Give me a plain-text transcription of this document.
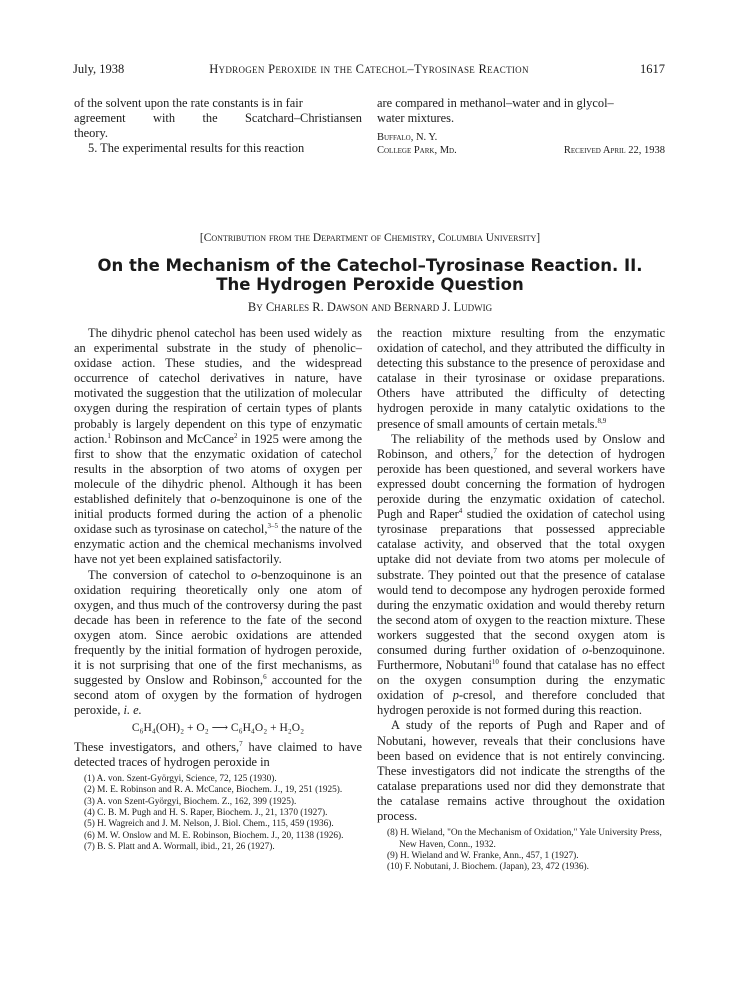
July, 1938	Hydrogen Peroxide in the Catechol–Tyrosinase Reaction	1617

of the solvent upon the rate constants is in fair

agreement with the Scatchard–Christiansen

theory.

5. The experimental results for this reaction

are compared in methanol–water and in glycol–

water mixtures.

Buffalo, N. Y.
College Park, Md.	Received April 22, 1938
[Contribution from the Department of Chemistry, Columbia University]
On the Mechanism of the Catechol–Tyrosinase Reaction. II.
The Hydrogen Peroxide Question
By Charles R. Dawson and Bernard J. Ludwig

The dihydric phenol catechol has been used widely as an experimental substrate in the study of phenolic–oxidase action. These studies, and the widespread occurrence of catechol derivatives in nature, have motivated the suggestion that the utilization of molecular oxygen during the respiration of certain types of plants probably is largely dependent on this type of enzymatic action.$^1$ Robinson and McCance$^2$ in 1925 were among the first to show that the enzymatic oxidation of catechol results in the absorption of two atoms of oxygen per molecule of the dihydric phenol. Although it has been established definitely that o-benzoquinone is one of the initial products formed during the action of a phenolic oxidase such as tyrosinase on catechol,$^{3-5}$ the nature of the enzymatic action and the chemical mechanisms involved have not yet been explained satisfactorily.

The conversion of catechol to o-benzoquinone is an oxidation requiring theoretically only one atom of oxygen, and thus much of the controversy during the past decade has been in reference to the fate of the second oxygen atom. Since aerobic oxidations are attended frequently by the initial formation of hydrogen peroxide, it is not surprising that one of the first mechanisms, as suggested by Onslow and Robinson,$^6$ accounted for the second atom of oxygen by the formation of hydrogen peroxide, i. e.

C₆H₄(OH)₂ + O₂ ⟶ C₆H₄O₂ + H₂O₂

These investigators, and others,$^7$ have claimed to have detected traces of hydrogen peroxide in

(1) A. von. Szent-Györgyi, Science, 72, 125 (1930).

(2) M. E. Robinson and R. A. McCance, Biochem. J., 19, 251 (1925).

(3) A. von Szent-Györgyi, Biochem. Z., 162, 399 (1925).

(4) C. B. M. Pugh and H. S. Raper, Biochem. J., 21, 1370 (1927).

(5) H. Wagreich and J. M. Nelson, J. Biol. Chem., 115, 459 (1936).

(6) M. W. Onslow and M. E. Robinson, Biochem. J., 20, 1138 (1926).

(7) B. S. Platt and A. Wormall, ibid., 21, 26 (1927).

the reaction mixture resulting from the enzymatic oxidation of catechol, and they attributed the difficulty in detecting this substance to the presence of peroxidase and catalase in their tyrosinase or oxidase preparations. Others have attributed the difficulty of detecting hydrogen peroxide in many catalytic oxidations to the presence of small amounts of certain metals.$^{8,9}$

The reliability of the methods used by Onslow and Robinson, and others,$^7$ for the detection of hydrogen peroxide has been questioned, and several workers have expressed doubt concerning the formation of hydrogen peroxide during the enzymatic oxidation of catechol. Pugh and Raper$^4$ studied the oxidation of catechol using tyrosinase preparations that possessed appreciable catalase activity, and observed that the total oxygen uptake did not deviate from two atoms per molecule of substrate. They pointed out that the presence of catalase would tend to decompose any hydrogen peroxide formed during the enzymatic oxidation and would thereby return the second atom of oxygen to the reaction mixture. These workers suggested that the second oxygen atom is consumed during further oxidation of o-benzoquinone. Furthermore, Nobutani$^{10}$ found that catalase has no effect on the oxygen consumption during the enzymatic oxidation of p-cresol, and therefore concluded that hydrogen peroxide is not formed during this reaction.

A study of the reports of Pugh and Raper and of Nobutani, however, reveals that their conclusions have been based on evidence that is not entirely convincing. These investigators did not indicate the strengths of the catalase preparations used nor did they demonstrate that the catalase remains active throughout the oxidation process.

(8) H. Wieland, "On the Mechanism of Oxidation," Yale University Press, New Haven, Conn., 1932.

(9) H. Wieland and W. Franke, Ann., 457, 1 (1927).

(10) F. Nobutani, J. Biochem. (Japan), 23, 472 (1936).
